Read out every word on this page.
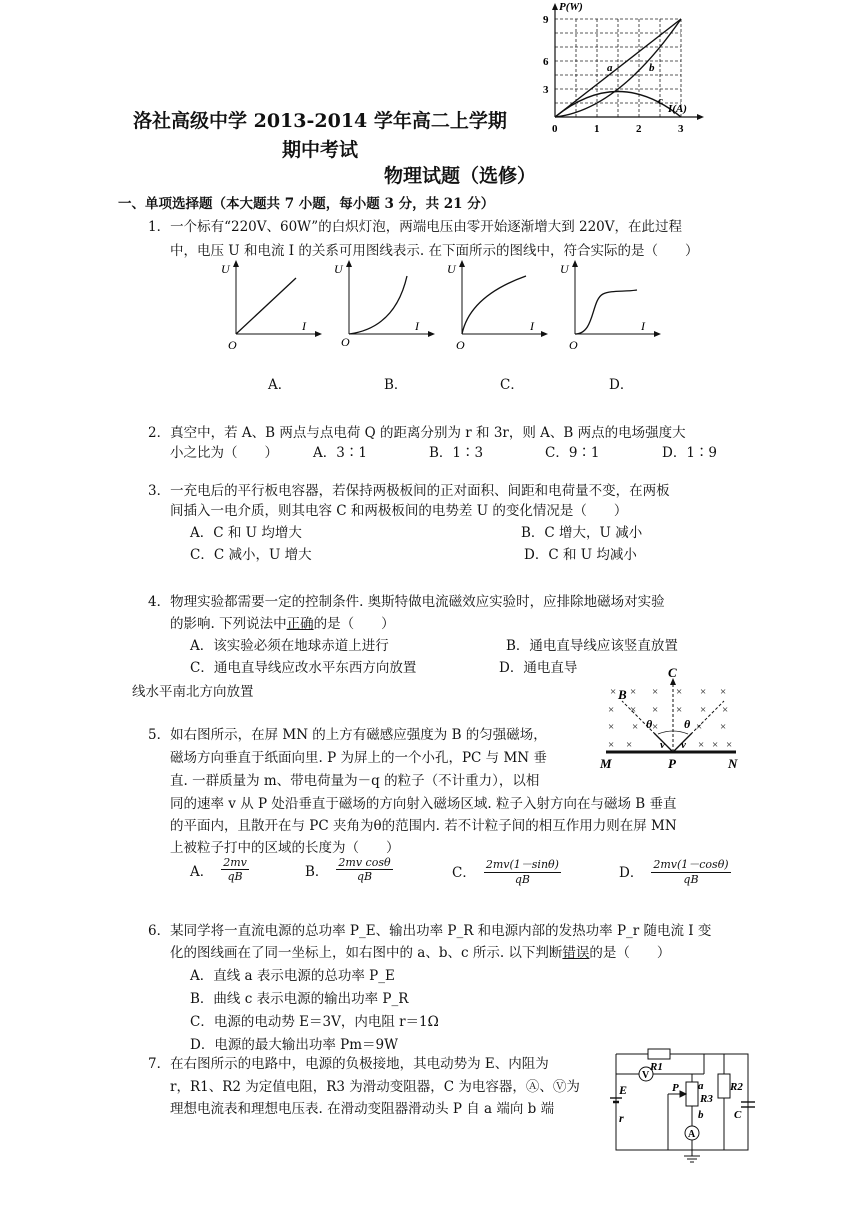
P(W)
I(A)
9
6
3
0	1	2	3
a	b
c
洛社高级中学 2013-2014 学年高二上学期
期中考试
物理试题（选修）
一、单项选择题（本大题共 7 小题，每小题 3 分，共 21 分）
1．一个标有“220V、60W”的白炽灯泡，两端电压由零开始逐渐增大到 220V，在此过程
中，电压 U 和电流 I 的关系可用图线表示. 在下面所示的图线中，符合实际的是（　　）
U
I
O
U
I
O
U
I
O
U
I
O
A．	B．	C．	D．
2．真空中，若 A、B 两点与点电荷 Q 的距离分别为 r 和 3r，则 A、B 两点的电场强度大
小之比为（　　）	A．3∶1	B．1∶3	C．9∶1	D．1∶9
3．一充电后的平行板电容器，若保持两极板间的正对面积、间距和电荷量不变，在两板
间插入一电介质，则其电容 C 和两极板间的电势差 U 的变化情况是（　　）
A．C 和 U 均增大	B．C 增大，U 减小
C．C 减小，U 增大	D．C 和 U 均减小
4．物理实验都需要一定的控制条件. 奥斯特做电流磁效应实验时，应排除地磁场对实验
的影响. 下列说法中正确的是（　　）
A．该实验必须在地球赤道上进行	B．通电直导线应该竖直放置
C．通电直导线应改水平东西方向放置	D．通电直导
线水平南北方向放置	× × × × × ×
× × × × × ×
× × ×	× ×
× ×	× × ×
C
B
θ	θ
v v
M	P	N
5．如右图所示，在屏 MN 的上方有磁感应强度为 B 的匀强磁场，
磁场方向垂直于纸面向里. P 为屏上的一个小孔，PC 与 MN 垂
直. 一群质量为 m、带电荷量为－q 的粒子（不计重力），以相
同的速率 v 从 P 处沿垂直于磁场的方向射入磁场区域. 粒子入射方向在与磁场 B 垂直
的平面内，且散开在与 PC 夹角为θ的范围内. 若不计粒子间的相互作用力则在屏 MN
上被粒子打中的区域的长度为（　　）
A．
2mv
qB	B．
2mv cosθ
qB	C．
2mv(1－sinθ)
qB	D．
2mv(1－cosθ)
qB
6．某同学将一直流电源的总功率 P_E、输出功率 P_R 和电源内部的发热功率 P_r 随电流 I 变
化的图线画在了同一坐标上，如右图中的 a、b、c 所示. 以下判断错误的是（　　）
A．直线 a 表示电源的总功率 P_E
B．曲线 c 表示电源的输出功率 P_R
C．电源的电动势 E＝3V，内电阻 r＝1Ω
D．电源的最大输出功率 Pm＝9W
7．在右图所示的电路中，电源的负极接地，其电动势为 E、内阻为
r，R1、R2 为定值电阻，R3 为滑动变阻器，C 为电容器，Ⓐ、Ⓥ为
理想电流表和理想电压表. 在滑动变阻器滑动头 P 自 a 端向 b 端
V
A
R1
a
R3
b
P	R2
C
E
r
